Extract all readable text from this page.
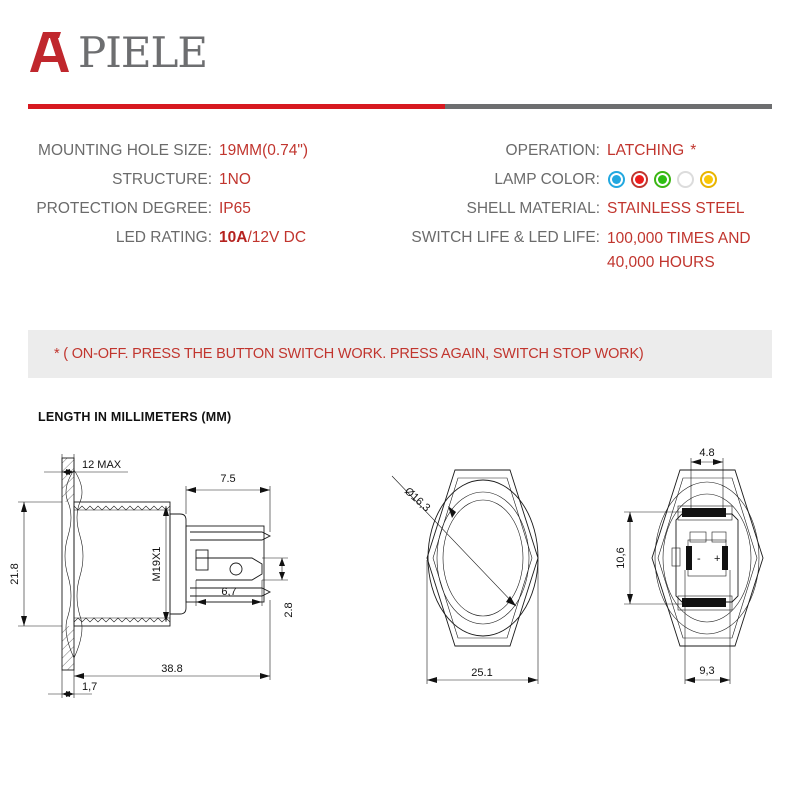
PIELE
MOUNTING HOLE SIZE: 19MM(0.74")
STRUCTURE: 1NO
PROTECTION DEGREE: IP65
LED RATING: 10A/12V DC
OPERATION: LATCHING *
LAMP COLOR:
SHELL MATERIAL: STAINLESS STEEL
SWITCH LIFE & LED LIFE: 100,000 TIMES AND
40,000 HOURS
* ( ON-OFF. PRESS THE BUTTON SWITCH WORK. PRESS AGAIN, SWITCH STOP WORK)
LENGTH IN MILLIMETERS (MM)
12 MAX
21.8	M19X1
7.5
6,7
2.8
38.8
1,7
Ø16,3
25.1
- +
4.8
10,6
9,3
